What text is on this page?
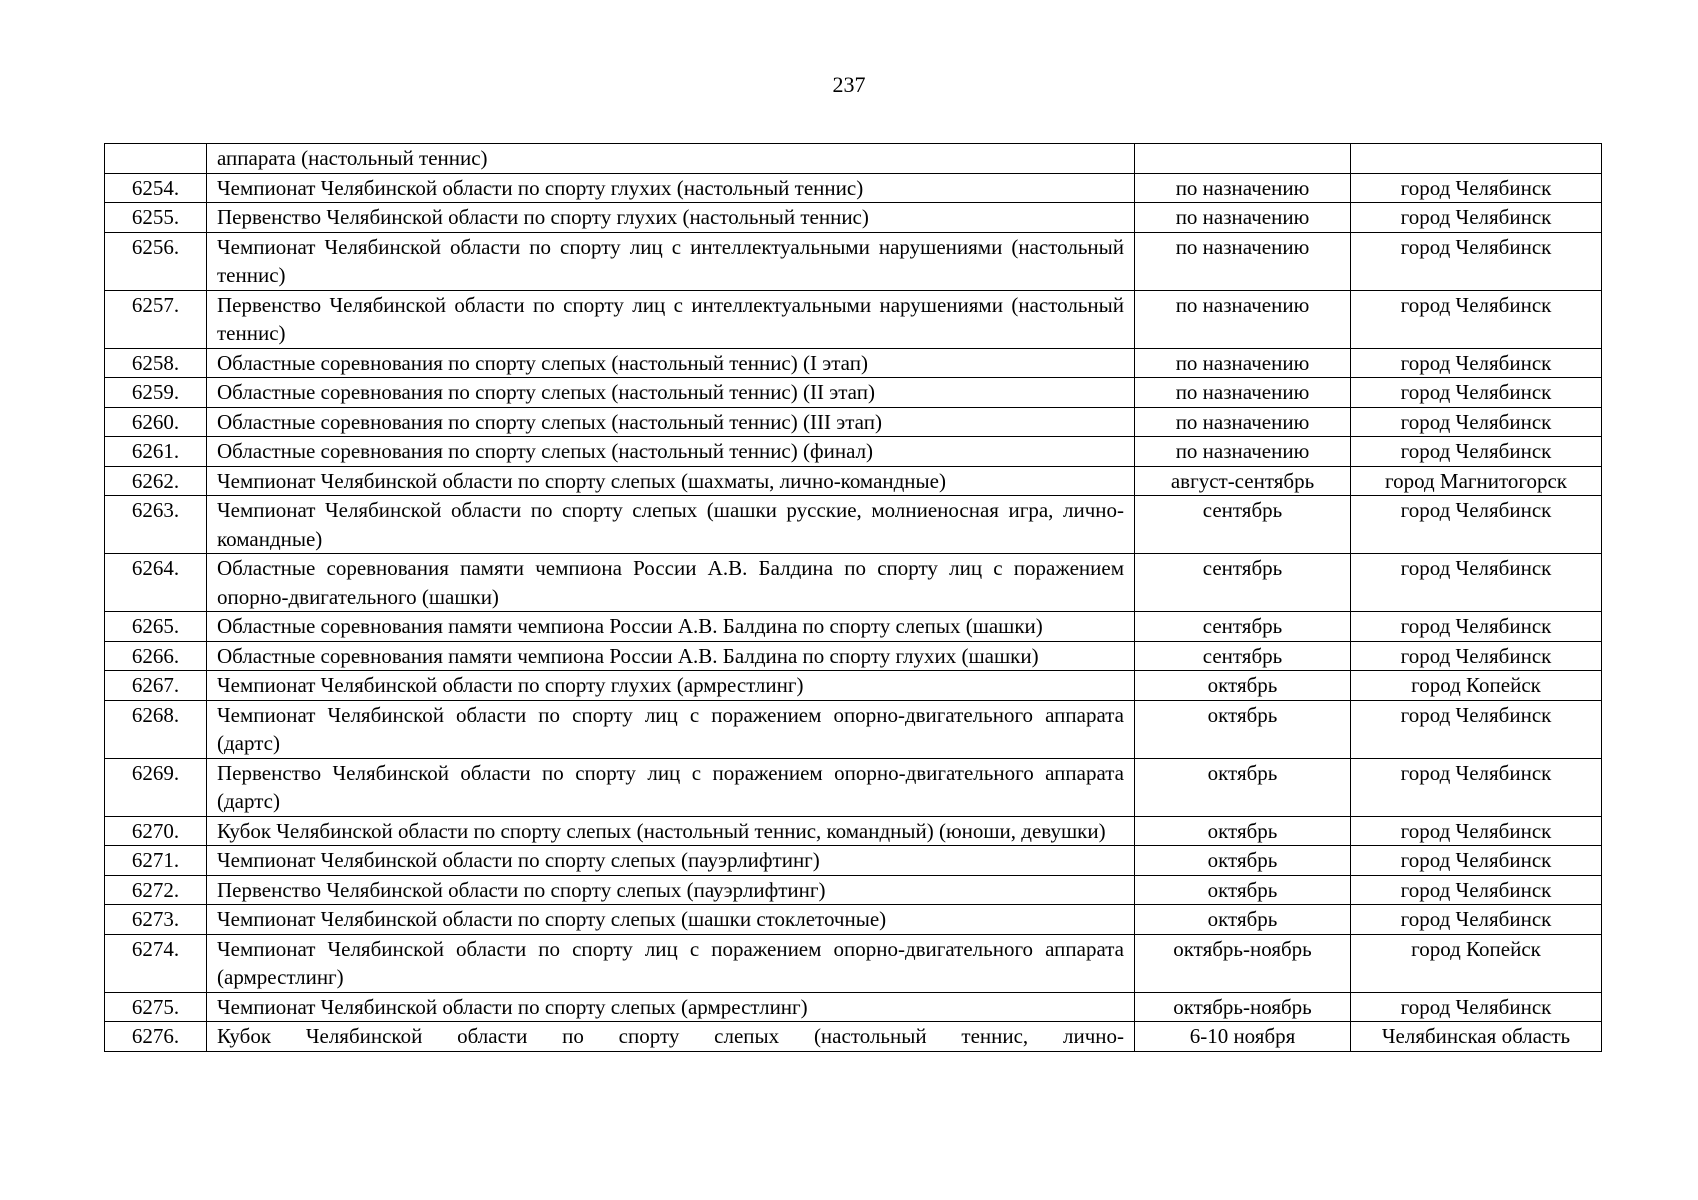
237
	аппарата (настольный теннис)		
6254.	Чемпионат Челябинской области по спорту глухих (настольный теннис)	по назначению	город Челябинск
6255.	Первенство Челябинской области по спорту глухих (настольный теннис)	по назначению	город Челябинск
6256.	Чемпионат Челябинской области по спорту лиц с интеллектуальными нарушениями (настольный теннис)	по назначению	город Челябинск
6257.	Первенство Челябинской области по спорту лиц с интеллектуальными нарушениями (настольный теннис)	по назначению	город Челябинск
6258.	Областные соревнования по спорту слепых (настольный теннис) (I этап)	по назначению	город Челябинск
6259.	Областные соревнования по спорту слепых (настольный теннис) (II этап)	по назначению	город Челябинск
6260.	Областные соревнования по спорту слепых (настольный теннис) (III этап)	по назначению	город Челябинск
6261.	Областные соревнования по спорту слепых (настольный теннис) (финал)	по назначению	город Челябинск
6262.	Чемпионат Челябинской области по спорту слепых (шахматы, лично-командные)	август-сентябрь	город Магнитогорск
6263.	Чемпионат Челябинской области по спорту слепых (шашки русские, молниеносная игра, лично-командные)	сентябрь	город Челябинск
6264.	Областные соревнования памяти чемпиона России А.В. Балдина по спорту лиц с поражением опорно-двигательного (шашки)	сентябрь	город Челябинск
6265.	Областные соревнования памяти чемпиона России А.В. Балдина по спорту слепых (шашки)	сентябрь	город Челябинск
6266.	Областные соревнования памяти чемпиона России А.В. Балдина по спорту глухих (шашки)	сентябрь	город Челябинск
6267.	Чемпионат Челябинской области по спорту глухих (армрестлинг)	октябрь	город Копейск
6268.	Чемпионат Челябинской области по спорту лиц с поражением опорно-двигательного аппарата (дартс)	октябрь	город Челябинск
6269.	Первенство Челябинской области по спорту лиц с поражением опорно-двигательного аппарата (дартс)	октябрь	город Челябинск
6270.	Кубок Челябинской области по спорту слепых (настольный теннис, командный) (юноши, девушки)	октябрь	город Челябинск
6271.	Чемпионат Челябинской области по спорту слепых (пауэрлифтинг)	октябрь	город Челябинск
6272.	Первенство Челябинской области по спорту слепых (пауэрлифтинг)	октябрь	город Челябинск
6273.	Чемпионат Челябинской области по спорту слепых (шашки стоклеточные)	октябрь	город Челябинск
6274.	Чемпионат Челябинской области по спорту лиц с поражением опорно-двигательного аппарата (армрестлинг)	октябрь-ноябрь	город Копейск
6275.	Чемпионат Челябинской области по спорту слепых (армрестлинг)	октябрь-ноябрь	город Челябинск
6276.	Кубок Челябинской области по спорту слепых (настольный теннис, лично-	6-10 ноября	Челябинская область
